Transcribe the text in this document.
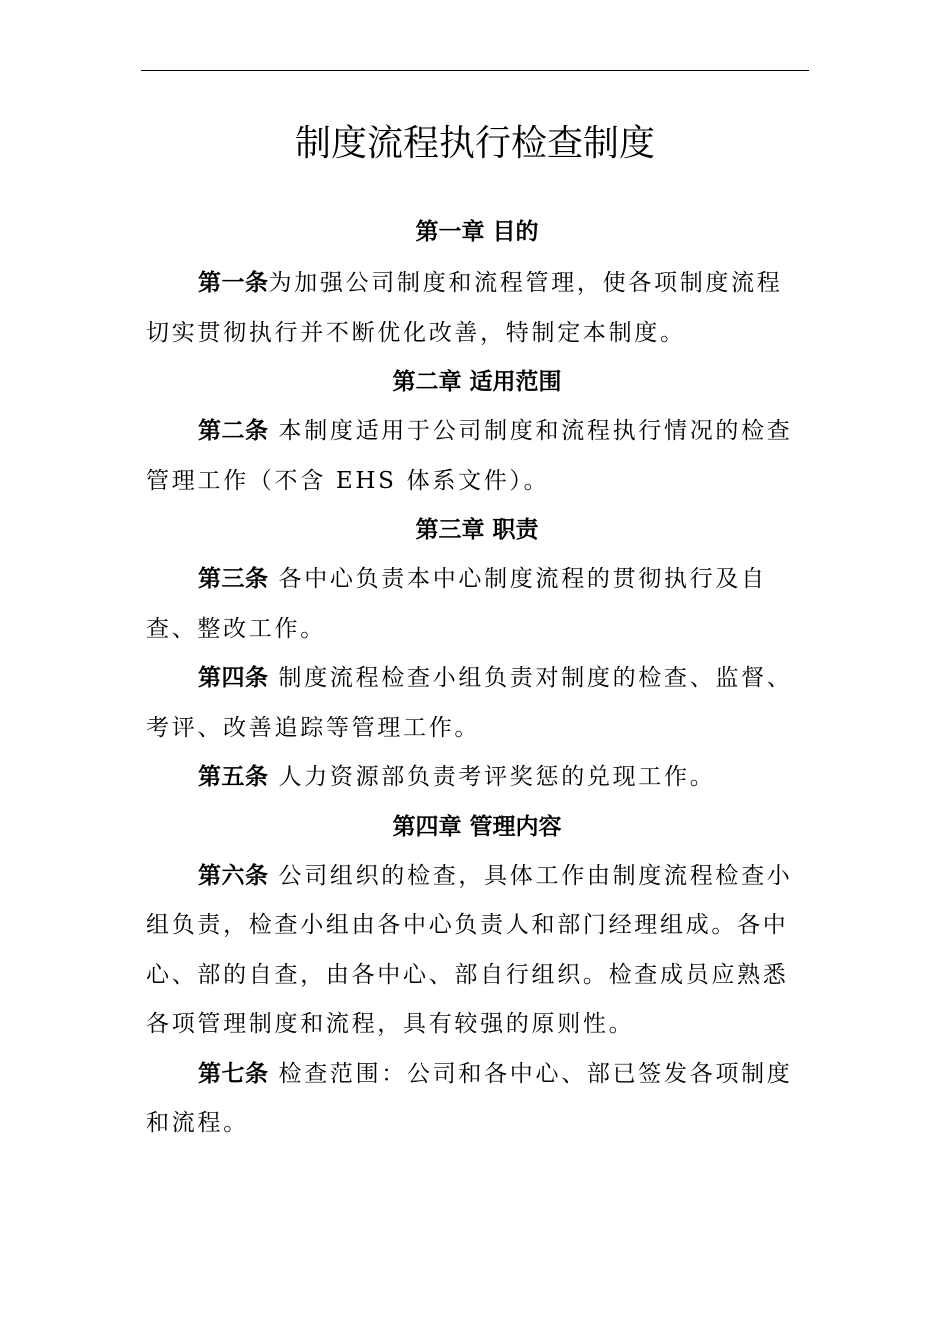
制度流程执行检查制度
第一章 目的

第一条为加强公司制度和流程管理，使各项制度流程切实贯彻执行并不断优化改善，特制定本制度。

第二章 适用范围

第二条 本制度适用于公司制度和流程执行情况的检查管理工作（不含 EHS 体系文件）。

第三章 职责

第三条 各中心负责本中心制度流程的贯彻执行及自查、整改工作。

第四条 制度流程检查小组负责对制度的检查、监督、考评、改善追踪等管理工作。

第五条 人力资源部负责考评奖惩的兑现工作。

第四章 管理内容

第六条 公司组织的检查，具体工作由制度流程检查小组负责，检查小组由各中心负责人和部门经理组成。各中心、部的自查，由各中心、部自行组织。检查成员应熟悉各项管理制度和流程，具有较强的原则性。

第七条 检查范围：公司和各中心、部已签发各项制度和流程。
